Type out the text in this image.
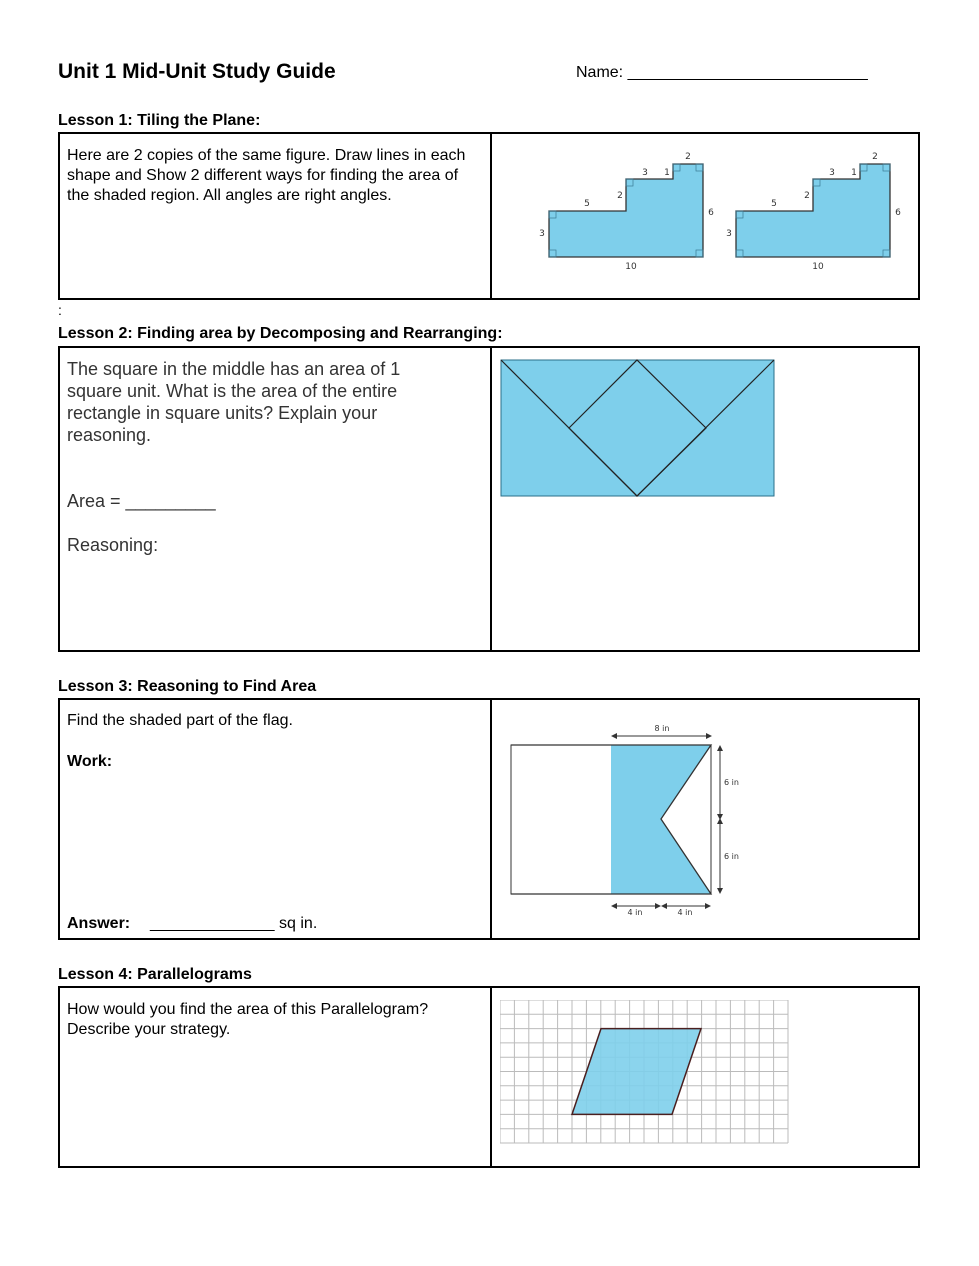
Unit 1 Mid-Unit Study Guide	Name: ___________________________
Lesson 1: Tiling the Plane:
Here are 2 copies of the same figure. Draw lines in each shape and Show 2 different ways for finding the area of the shaded region. All angles are right angles.
2
3 1
2
5
6
3
10
2
3 1
2
5
6
3
10
:
Lesson 2: Finding area by Decomposing and Rearranging:
The square in the middle has an area of 1 square unit. What is the area of the entire rectangle in square units? Explain your reasoning.
Area = _________
Reasoning:
Lesson 3: Reasoning to Find Area
Find the shaded part of the flag.
Work:
Answer: ______________ sq in.
8 in
6 in
6 in
4 in	4 in
Lesson 4: Parallelograms
How would you find the area of this Parallelogram?
Describe your strategy.
